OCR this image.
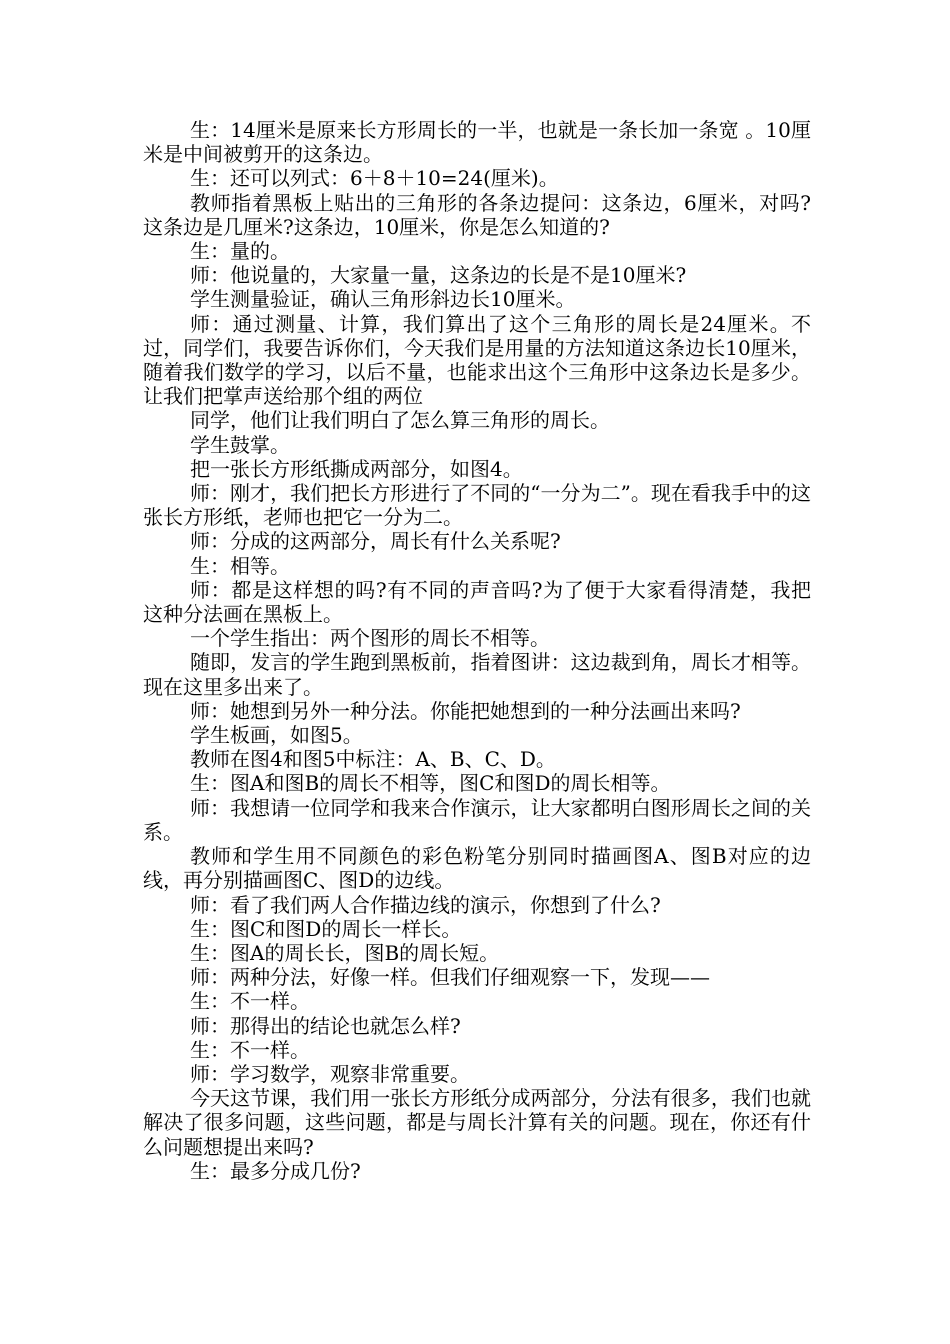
生：14厘米是原来长方形周长的一半，也就是一条长加一条宽 。10厘米是中间被剪开的这条边。

生：还可以列式：6＋8＋10=24(厘米)。

教师指着黑板上贴出的三角形的各条边提问：这条边，6厘米，对吗?这条边是几厘米?这条边，10厘米，你是怎么知道的?

生：量的。

师：他说量的，大家量一量，这条边的长是不是10厘米?

学生测量验证，确认三角形斜边长10厘米。

师：通过测量、计算，我们算出了这个三角形的周长是24厘米。不过，同学们，我要告诉你们，今天我们是用量的方法知道这条边长10厘米，随着我们数学的学习，以后不量，也能求出这个三角形中这条边长是多少。让我们把掌声送给那个组的两位

同学，他们让我们明白了怎么算三角形的周长。

学生鼓掌。

把一张长方形纸撕成两部分，如图4。

师：刚才，我们把长方形进行了不同的“一分为二”。现在看我手中的这张长方形纸，老师也把它一分为二。

师：分成的这两部分，周长有什么关系呢?

生：相等。

师：都是这样想的吗?有不同的声音吗?为了便于大家看得清楚，我把这种分法画在黑板上。

一个学生指出：两个图形的周长不相等。

随即，发言的学生跑到黑板前，指着图讲：这边裁到角，周长才相等。现在这里多出来了。

师：她想到另外一种分法。你能把她想到的一种分法画出来吗?

学生板画，如图5。

教师在图4和图5中标注：A、B、C、D。

生：图A和图B的周长不相等，图C和图D的周长相等。

师：我想请一位同学和我来合作演示，让大家都明白图形周长之间的关系。

教师和学生用不同颜色的彩色粉笔分别同时描画图A、图B对应的边线，再分别描画图C、图D的边线。

师：看了我们两人合作描边线的演示，你想到了什么?

生：图C和图D的周长一样长。

生：图A的周长长，图B的周长短。

师：两种分法，好像一样。但我们仔细观察一下，发现——

生：不一样。

师：那得出的结论也就怎么样?

生：不一样。

师：学习数学，观察非常重要。

今天这节课，我们用一张长方形纸分成两部分，分法有很多，我们也就解决了很多问题，这些问题，都是与周长汁算有关的问题。现在，你还有什么问题想提出来吗?

生：最多分成几份?
